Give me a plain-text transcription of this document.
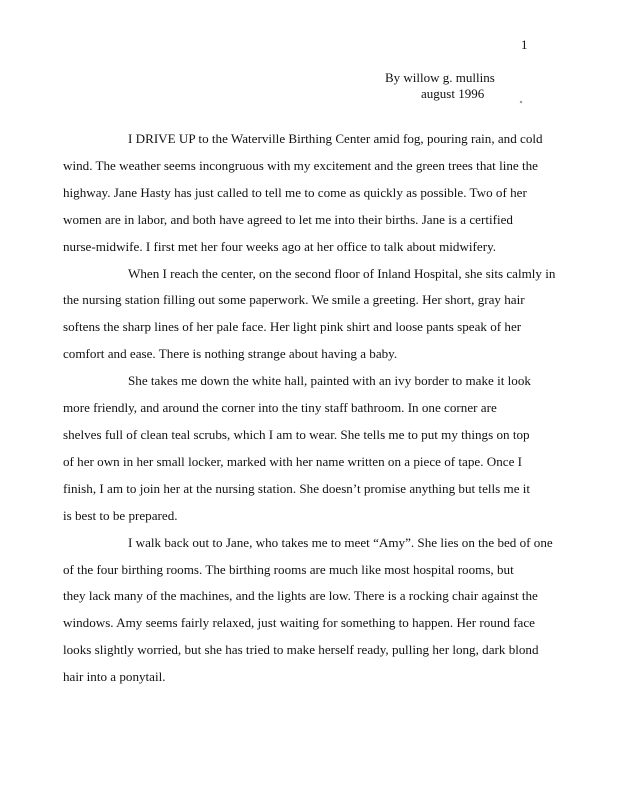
1
By willow g. mullins
august 1996
I DRIVE UP to the Waterville Birthing Center amid fog, pouring rain, and cold
wind. The weather seems incongruous with my excitement and the green trees that line the
highway. Jane Hasty has just called to tell me to come as quickly as possible. Two of her
women are in labor, and both have agreed to let me into their births. Jane is a certified
nurse-midwife. I first met her four weeks ago at her office to talk about midwifery.
When I reach the center, on the second floor of Inland Hospital, she sits calmly in
the nursing station filling out some paperwork. We smile a greeting. Her short, gray hair
softens the sharp lines of her pale face. Her light pink shirt and loose pants speak of her
comfort and ease. There is nothing strange about having a baby.
She takes me down the white hall, painted with an ivy border to make it look
more friendly, and around the corner into the tiny staff bathroom. In one corner are
shelves full of clean teal scrubs, which I am to wear. She tells me to put my things on top
of her own in her small locker, marked with her name written on a piece of tape. Once I
finish, I am to join her at the nursing station. She doesn’t promise anything but tells me it
is best to be prepared.
I walk back out to Jane, who takes me to meet “Amy”. She lies on the bed of one
of the four birthing rooms. The birthing rooms are much like most hospital rooms, but
they lack many of the machines, and the lights are low. There is a rocking chair against the
windows. Amy seems fairly relaxed, just waiting for something to happen. Her round face
looks slightly worried, but she has tried to make herself ready, pulling her long, dark blond
hair into a ponytail.
